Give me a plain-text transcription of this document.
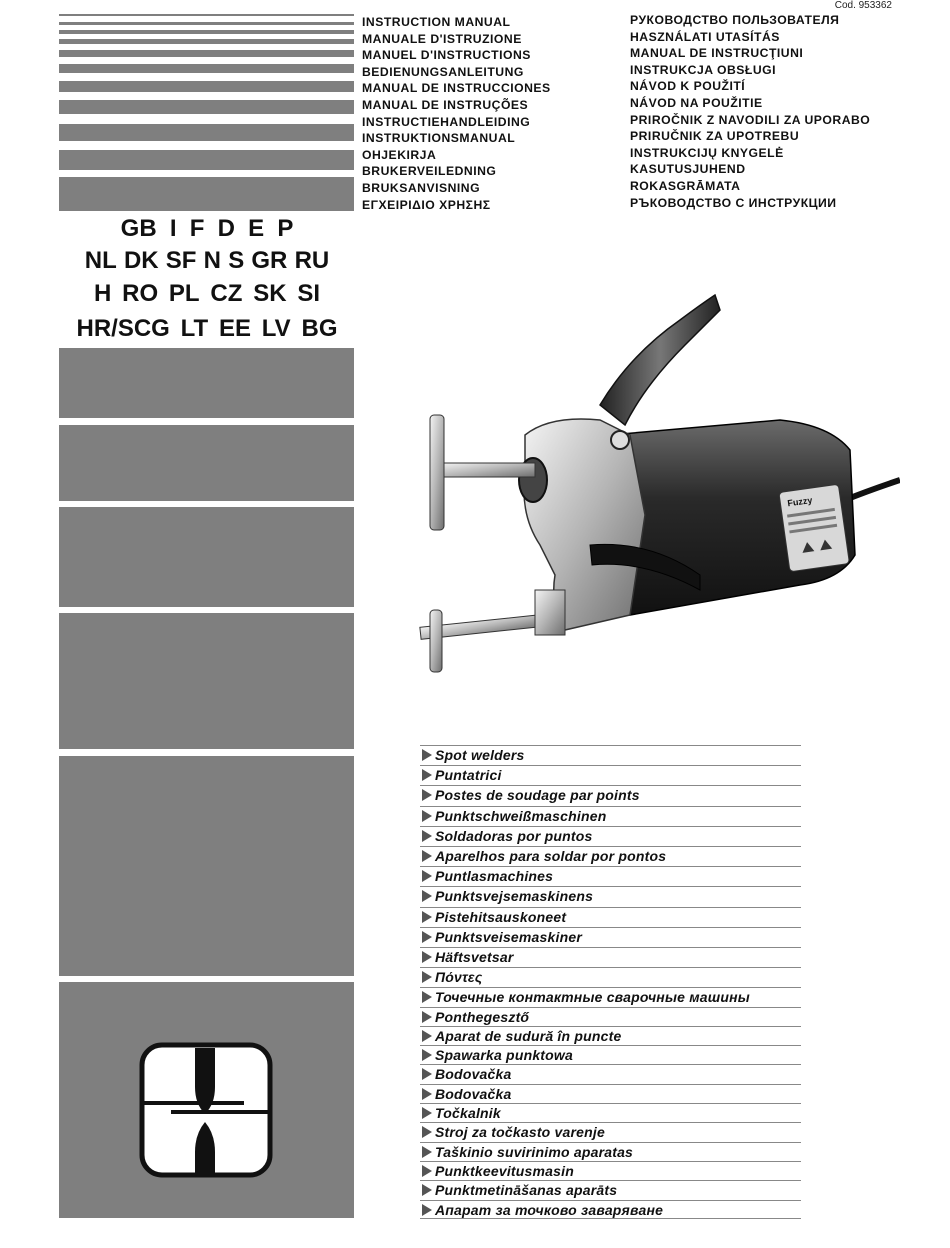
Cod. 953362
INSTRUCTION MANUAL
MANUALE D'ISTRUZIONE
MANUEL D'INSTRUCTIONS
BEDIENUNGSANLEITUNG
MANUAL DE INSTRUCCIONES
MANUAL DE INSTRUÇÕES
INSTRUCTIEHANDLEIDING
INSTRUKTIONSMANUAL
OHJEKIRJA
BRUKERVEILEDNING
BRUKSANVISNING
ΕΓΧΕΙΡΙΔΙΟ ΧΡΗΣΗΣ
РУКОВОДСТВО ПОЛЬЗОВАТЕЛЯ
HASZNÁLATI UTASÍTÁS
MANUAL DE INSTRUCŢIUNI
INSTRUKCJA OBSŁUGI
NÁVOD K POUŽITÍ
NÁVOD NA POUŽITIE
PRIROČNIK Z NAVODILI ZA UPORABO
PRIRUČNIK ZA UPOTREBU
INSTRUKCIJŲ KNYGELĖ
KASUTUSJUHEND
ROKASGRĀMATA
РЪКОВОДСТВО С ИНСТРУКЦИИ
GB I F D E P
NL DK SF N S GR RU
H RO PL CZ SK SI
HR/SCG LT EE LV BG
Fuzzy
Spot welders
Puntatrici
Postes de soudage par points
Punktschweißmaschinen
Soldadoras por puntos
Aparelhos para soldar por pontos
Puntlasmachines
Punktsvejsemaskinens
Pistehitsauskoneet
Punktsveisemaskiner
Häftsvetsar
Πόντες
Точечные контактные сварочные машины
Ponthegesztő
Aparat de sudură în puncte
Spawarka punktowa
Bodovačka
Bodovačka
Točkalnik
Stroj za točkasto varenje
Taškinio suvirinimo aparatas
Punktkeevitusmasin
Punktmetināšanas aparāts
Апарат за точково заваряване
